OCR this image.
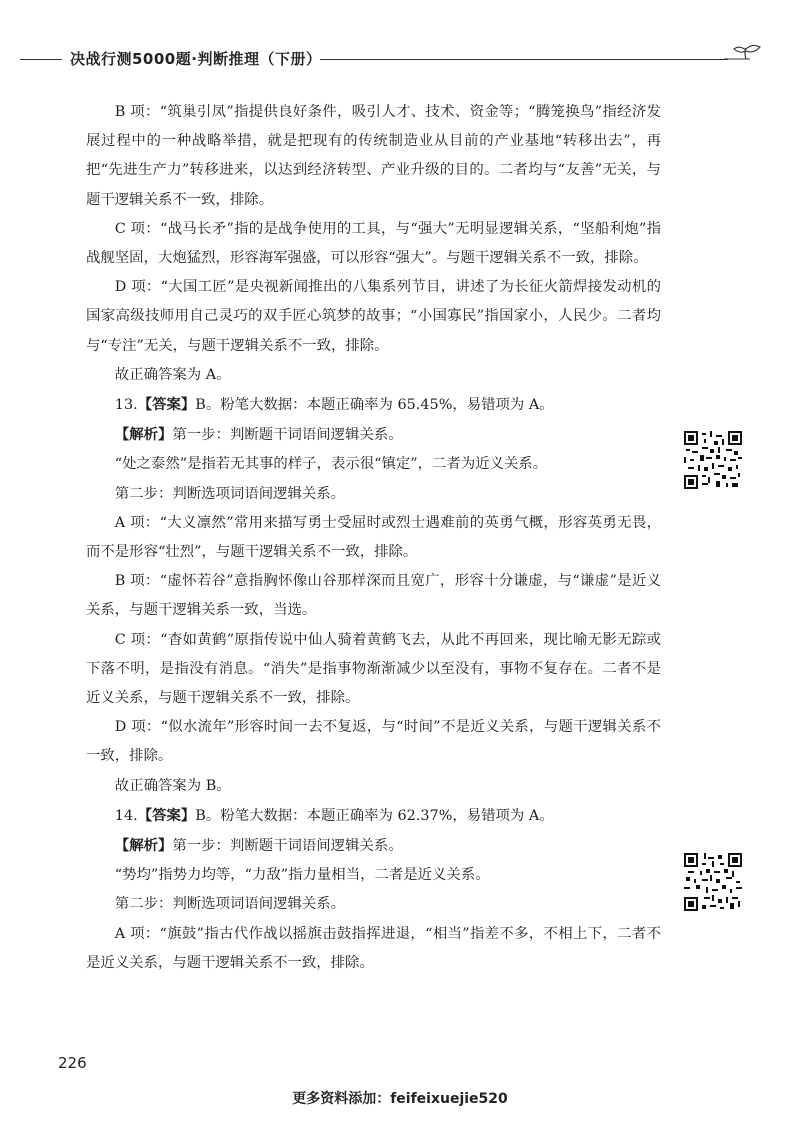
决战行测5000题·判断推理（下册）

B 项：“筑巢引凤”指提供良好条件，吸引人才、技术、资金等；“腾笼换鸟”指经济发展过程中的一种战略举措，就是把现有的传统制造业从目前的产业基地“转移出去”，再把“先进生产力”转移进来，以达到经济转型、产业升级的目的。二者均与“友善”无关，与题干逻辑关系不一致，排除。

C 项：“战马长矛”指的是战争使用的工具，与“强大”无明显逻辑关系，“坚船利炮”指战舰坚固，大炮猛烈，形容海军强盛，可以形容“强大”。与题干逻辑关系不一致，排除。

D 项：“大国工匠”是央视新闻推出的八集系列节目，讲述了为长征火箭焊接发动机的国家高级技师用自己灵巧的双手匠心筑梦的故事；“小国寡民”指国家小，人民少。二者均与“专注”无关，与题干逻辑关系不一致，排除。

故正确答案为 A。

13.【答案】B。粉笔大数据：本题正确率为 65.45%，易错项为 A。

【解析】第一步：判断题干词语间逻辑关系。

“处之泰然”是指若无其事的样子，表示很“镇定”，二者为近义关系。

第二步：判断选项词语间逻辑关系。

A 项：“大义凛然”常用来描写勇士受屈时或烈士遇难前的英勇气概，形容英勇无畏，而不是形容“壮烈”，与题干逻辑关系不一致，排除。

B 项：“虚怀若谷”意指胸怀像山谷那样深而且宽广，形容十分谦虚，与“谦虚”是近义关系，与题干逻辑关系一致，当选。

C 项：“杳如黄鹤”原指传说中仙人骑着黄鹤飞去，从此不再回来，现比喻无影无踪或下落不明，是指没有消息。“消失”是指事物渐渐减少以至没有，事物不复存在。二者不是近义关系，与题干逻辑关系不一致，排除。

D 项：“似水流年”形容时间一去不复返，与“时间”不是近义关系，与题干逻辑关系不一致，排除。

故正确答案为 B。

14.【答案】B。粉笔大数据：本题正确率为 62.37%，易错项为 A。

【解析】第一步：判断题干词语间逻辑关系。

“势均”指势力均等，“力敌”指力量相当，二者是近义关系。

第二步：判断选项词语间逻辑关系。

A 项：“旗鼓”指古代作战以摇旗击鼓指挥进退，“相当”指差不多，不相上下，二者不是近义关系，与题干逻辑关系不一致，排除。

226
更多资料添加：feifeixuejie520
